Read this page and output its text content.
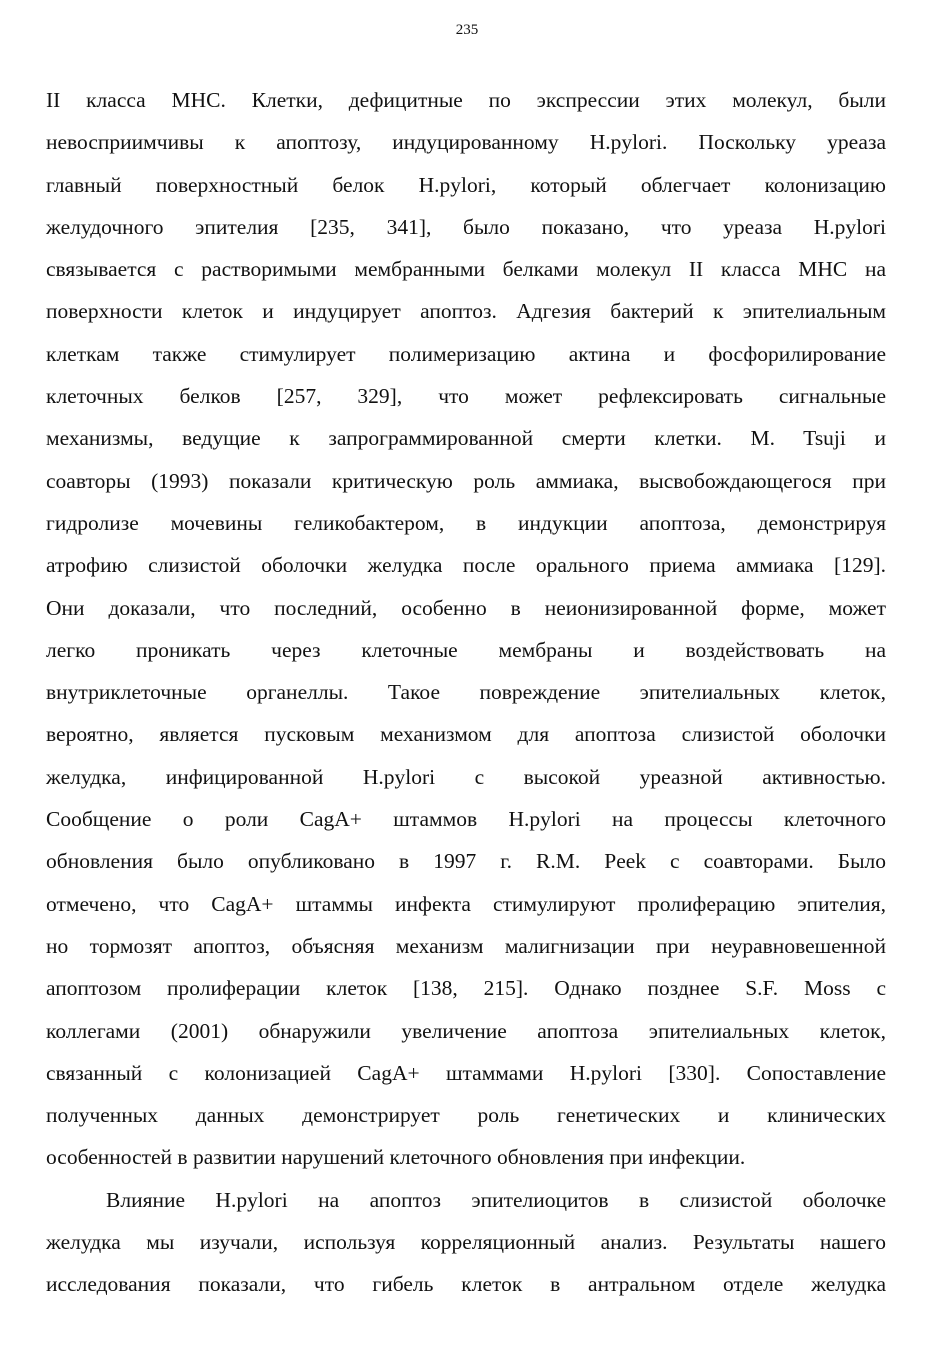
235
II класса MHC. Клетки, дефицитные по экспрессии этих молекул, были
невосприимчивы к апоптозу, индуцированному H.pylori. Поскольку уреаза
главный поверхностный белок H.pylori, который облегчает колонизацию
желудочного эпителия [235, 341], было показано, что уреаза H.pylori
связывается с растворимыми мембранными белками молекул II класса MHC на
поверхности клеток и индуцирует апоптоз. Адгезия бактерий к эпителиальным
клеткам также стимулирует полимеризацию актина и фосфорилирование
клеточных белков [257, 329], что может рефлексировать сигнальные
механизмы, ведущие к запрограммированной смерти клетки. M. Tsuji и
соавторы (1993) показали критическую роль аммиака, высвобождающегося при
гидролизе мочевины геликобактером, в индукции апоптоза, демонстрируя
атрофию слизистой оболочки желудка после орального приема аммиака [129].
Они доказали, что последний, особенно в неионизированной форме, может
легко проникать через клеточные мембраны и воздействовать на
внутриклеточные органеллы. Такое повреждение эпителиальных клеток,
вероятно, является пусковым механизмом для апоптоза слизистой оболочки
желудка, инфицированной H.pylori с высокой уреазной активностью.
Сообщение о роли CagA+ штаммов H.pylori на процессы клеточного
обновления было опубликовано в 1997 г. R.M. Peek с соавторами. Было
отмечено, что CagA+ штаммы инфекта стимулируют пролиферацию эпителия,
но тормозят апоптоз, объясняя механизм малигнизации при неуравновешенной
апоптозом пролиферации клеток [138, 215]. Однако позднее S.F. Moss с
коллегами (2001) обнаружили увеличение апоптоза эпителиальных клеток,
связанный с колонизацией CagA+ штаммами H.pylori [330]. Сопоставление
полученных данных демонстрирует роль генетических и клинических
особенностей в развитии нарушений клеточного обновления при инфекции.
Влияние H.pylori на апоптоз эпителиоцитов в слизистой оболочке
желудка мы изучали, используя корреляционный анализ. Результаты нашего
исследования показали, что гибель клеток в антральном отделе желудка
